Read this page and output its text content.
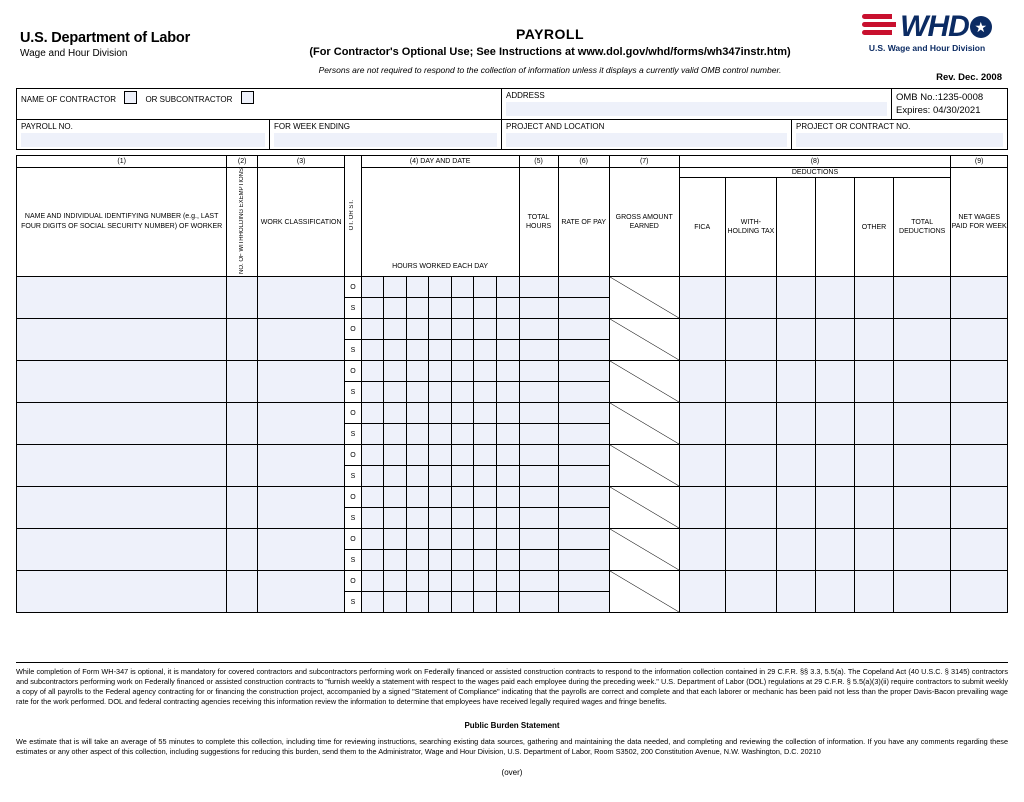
U.S. Department of Labor
Wage and Hour Division
PAYROLL
(For Contractor's Optional Use; See Instructions at www.dol.gov/whd/forms/wh347instr.htm)
Persons are not required to respond to the collection of information unless it displays a currently valid OMB control number.
WHD ★
U.S. Wage and Hour Division
Rev. Dec. 2008
NAME OF CONTRACTOR	OR SUBCONTRACTOR	ADDRESS	OMB No.:1235-0008
Expires: 04/30/2021
PAYROLL NO.	FOR WEEK ENDING	PROJECT AND LOCATION	PROJECT OR CONTRACT NO.
(1)	(2)	(3)	OT. OR ST.	(4) DAY AND DATE							(5)	(6)	(7)	(8)						(9)
NAME AND INDIVIDUAL IDENTIFYING NUMBER (e.g., LAST FOUR DIGITS OF SOCIAL SECURITY NUMBER) OF WORKER	NO. OF WITHHOLDING EXEMPTIONS	WORK CLASSIFICATION									TOTAL HOURS	RATE OF PAY	GROSS AMOUNT EARNED	DEDUCTIONS						NET WAGES PAID FOR WEEK
														FICA	WITH-HOLDING TAX			OTHER	TOTAL DEDUCTIONS	
				HOURS WORKED EACH DAY																
			O																	
			S																	
			O																	
			S																	
			O																	
			S																	
			O																	
			S																	
			O																	
			S																	
			O																	
			S																	
			O																	
			S																	
			O																	
			S																	
While completion of Form WH-347 is optional, it is mandatory for covered contractors and subcontractors performing work on Federally financed or assisted construction contracts to respond to the information collection contained in 29 C.F.R. §§ 3.3, 5.5(a). The Copeland Act (40 U.S.C. § 3145) contractors and subcontractors performing work on Federally financed or assisted construction contracts to "furnish weekly a statement with respect to the wages paid each employee during the preceding week." U.S. Department of Labor (DOL) regulations at 29 C.F.R. § 5.5(a)(3)(ii) require contractors to submit weekly a copy of all payrolls to the Federal agency contracting for or financing the construction project, accompanied by a signed "Statement of Compliance" indicating that the payrolls are correct and complete and that each laborer or mechanic has been paid not less than the proper Davis-Bacon prevailing wage rate for the work performed. DOL and federal contracting agencies receiving this information review the information to determine that employees have received legally required wages and fringe benefits.
Public Burden Statement
We estimate that is will take an average of 55 minutes to complete this collection, including time for reviewing instructions, searching existing data sources, gathering and maintaining the data needed, and completing and reviewing the collection of information. If you have any comments regarding these estimates or any other aspect of this collection, including suggestions for reducing this burden, send them to the Administrator, Wage and Hour Division, U.S. Department of Labor, Room S3502, 200 Constitution Avenue, N.W. Washington, D.C. 20210
(over)
